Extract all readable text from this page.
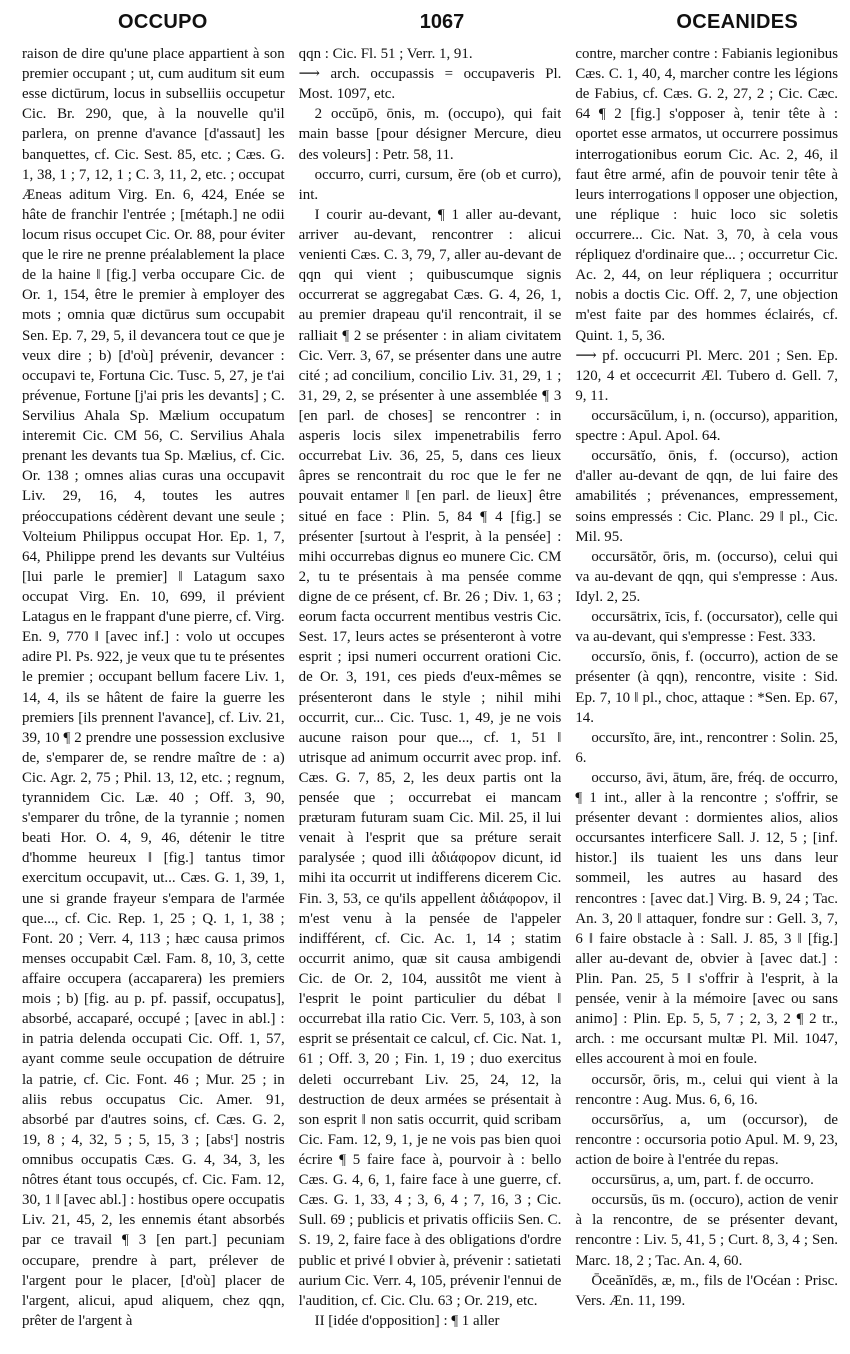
OCCUPO	1067	OCEANIDES

raison de dire qu'une place appartient à son premier occupant ; ut, cum auditum sit eum esse dictūrum, locus in subselliis occupetur Cic. Br. 290, que, à la nouvelle qu'il parlera, on prenne d'avance [d'assaut] les banquettes, cf. Cic. Sest. 85, etc. ; Cæs. G. 1, 38, 1 ; 7, 12, 1 ; C. 3, 11, 2, etc. ; occupat Æneas aditum Virg. En. 6, 424, Enée se hâte de franchir l'entrée ; [métaph.] ne odii locum risus occupet Cic. Or. 88, pour éviter que le rire ne prenne préalablement la place de la haine ‖ [fig.] verba occupare Cic. de Or. 1, 154, être le premier à employer des mots ; omnia quæ dictūrus sum occupabit Sen. Ep. 7, 29, 5, il devancera tout ce que je veux dire ; b) [d'où] prévenir, devancer : occupavi te, Fortuna Cic. Tusc. 5, 27, je t'ai prévenue, Fortune [j'ai pris les devants] ; C. Servilius Ahala Sp. Mælium occupatum interemit Cic. CM 56, C. Servilius Ahala prenant les devants tua Sp. Mælius, cf. Cic. Or. 138 ; omnes alias curas una occupavit Liv. 29, 16, 4, toutes les autres préoccupations cédèrent devant une seule ; Volteium Philippus occupat Hor. Ep. 1, 7, 64, Philippe prend les devants sur Vultéius [lui parle le premier] ‖ Latagum saxo occupat Virg. En. 10, 699, il prévient Latagus en le frappant d'une pierre, cf. Virg. En. 9, 770 ‖ [avec inf.] : volo ut occupes adire Pl. Ps. 922, je veux que tu te présentes le premier ; occupant bellum facere Liv. 1, 14, 4, ils se hâtent de faire la guerre les premiers [ils prennent l'avance], cf. Liv. 21, 39, 10 ¶ 2 prendre une possession exclusive de, s'emparer de, se rendre maître de : a) Cic. Agr. 2, 75 ; Phil. 13, 12, etc. ; regnum, tyrannidem Cic. Læ. 40 ; Off. 3, 90, s'emparer du trône, de la tyrannie ; nomen beati Hor. O. 4, 9, 46, détenir le titre d'homme heureux ‖ [fig.] tantus timor exercitum occupavit, ut... Cæs. G. 1, 39, 1, une si grande frayeur s'empara de l'armée que..., cf. Cic. Rep. 1, 25 ; Q. 1, 1, 38 ; Font. 20 ; Verr. 4, 113 ; hæc causa primos menses occupabit Cæl. Fam. 8, 10, 3, cette affaire occupera (accaparera) les premiers mois ; b) [fig. au p. pf. passif, occupatus], absorbé, accaparé, occupé ; [avec in abl.] : in patria delenda occupati Cic. Off. 1, 57, ayant comme seule occupation de détruire la patrie, cf. Cic. Font. 46 ; Mur. 25 ; in aliis rebus occupatus Cic. Amer. 91, absorbé par d'autres soins, cf. Cæs. G. 2, 19, 8 ; 4, 32, 5 ; 5, 15, 3 ; [absᵗ] nostris omnibus occupatis Cæs. G. 4, 34, 3, les nôtres étant tous occupés, cf. Cic. Fam. 12, 30, 1 ‖ [avec abl.] : hostibus opere occupatis Liv. 21, 45, 2, les ennemis étant absorbés par ce travail ¶ 3 [en part.] pecuniam occupare, prendre à part, prélever de l'argent pour le placer, [d'où] placer de l'argent, alicui, apud aliquem, chez qqn, prêter de l'argent à

qqn : Cic. Fl. 51 ; Verr. 1, 91.

⟶ arch. occupassis = occupaveris Pl. Most. 1097, etc.

2 occŭpō, ōnis, m. (occupo), qui fait main basse [pour désigner Mercure, dieu des voleurs] : Petr. 58, 11.

occurro, curri, cursum, ĕre (ob et curro), int.

I courir au-devant, ¶ 1 aller au-devant, arriver au-devant, rencontrer : alicui venienti Cæs. C. 3, 79, 7, aller au-devant de qqn qui vient ; quibuscumque signis occurrerat se aggregabat Cæs. G. 4, 26, 1, au premier drapeau qu'il rencontrait, il se ralliait ¶ 2 se présenter : in aliam civitatem Cic. Verr. 3, 67, se présenter dans une autre cité ; ad concilium, concilio Liv. 31, 29, 1 ; 31, 29, 2, se présenter à une assemblée ¶ 3 [en parl. de choses] se rencontrer : in asperis locis silex impenetrabilis ferro occurrebat Liv. 36, 25, 5, dans ces lieux âpres se rencontrait du roc que le fer ne pouvait entamer ‖ [en parl. de lieux] être situé en face : Plin. 5, 84 ¶ 4 [fig.] se présenter [surtout à l'esprit, à la pensée] : mihi occurrebas dignus eo munere Cic. CM 2, tu te présentais à ma pensée comme digne de ce présent, cf. Br. 26 ; Div. 1, 63 ; eorum facta occurrent mentibus vestris Cic. Sest. 17, leurs actes se présenteront à votre esprit ; ipsi numeri occurrent orationi Cic. de Or. 3, 191, ces pieds d'eux-mêmes se présenteront dans le style ; nihil mihi occurrit, cur... Cic. Tusc. 1, 49, je ne vois aucune raison pour que..., cf. 1, 51 ‖ utrisque ad animum occurrit avec prop. inf. Cæs. G. 7, 85, 2, les deux partis ont la pensée que ; occurrebat ei mancam præturam futuram suam Cic. Mil. 25, il lui venait à l'esprit que sa préture serait paralysée ; quod illi ἀδιάφορον dicunt, id mihi ita occurrit ut indifferens dicerem Cic. Fin. 3, 53, ce qu'ils appellent ἀδιάφορον, il m'est venu à la pensée de l'appeler indifférent, cf. Cic. Ac. 1, 14 ; statim occurrit animo, quæ sit causa ambigendi Cic. de Or. 2, 104, aussitôt me vient à l'esprit le point particulier du débat ‖ occurrebat illa ratio Cic. Verr. 5, 103, à son esprit se présentait ce calcul, cf. Cic. Nat. 1, 61 ; Off. 3, 20 ; Fin. 1, 19 ; duo exercitus deleti occurrebant Liv. 25, 24, 12, la destruction de deux armées se présentait à son esprit ‖ non satis occurrit, quid scribam Cic. Fam. 12, 9, 1, je ne vois pas bien quoi écrire ¶ 5 faire face à, pourvoir à : bello Cæs. G. 4, 6, 1, faire face à une guerre, cf. Cæs. G. 1, 33, 4 ; 3, 6, 4 ; 7, 16, 3 ; Cic. Sull. 69 ; publicis et privatis officiis Sen. C. S. 19, 2, faire face à des obligations d'ordre public et privé ‖ obvier à, prévenir : satietati aurium Cic. Verr. 4, 105, prévenir l'ennui de l'audition, cf. Cic. Clu. 63 ; Or. 219, etc.

II [idée d'opposition] : ¶ 1 aller

contre, marcher contre : Fabianis legionibus Cæs. C. 1, 40, 4, marcher contre les légions de Fabius, cf. Cæs. G. 2, 27, 2 ; Cic. Cæc. 64 ¶ 2 [fig.] s'opposer à, tenir tête à : oportet esse armatos, ut occurrere possimus interrogationibus eorum Cic. Ac. 2, 46, il faut être armé, afin de pouvoir tenir tête à leurs interrogations ‖ opposer une objection, une réplique : huic loco sic soletis occurrere... Cic. Nat. 3, 70, à cela vous répliquez d'ordinaire que... ; occurretur Cic. Ac. 2, 44, on leur répliquera ; occurritur nobis a doctis Cic. Off. 2, 7, une objection m'est faite par des hommes éclairés, cf. Quint. 1, 5, 36.

⟶ pf. occucurri Pl. Merc. 201 ; Sen. Ep. 120, 4 et occecurrit Æl. Tubero d. Gell. 7, 9, 11.

occursācŭlum, i, n. (occurso), apparition, spectre : Apul. Apol. 64.

occursātĭo, ōnis, f. (occurso), action d'aller au-devant de qqn, de lui faire des amabilités ; prévenances, empressement, soins empressés : Cic. Planc. 29 ‖ pl., Cic. Mil. 95.

occursātŏr, ōris, m. (occurso), celui qui va au-devant de qqn, qui s'empresse : Aus. Idyl. 2, 25.

occursātrix, īcis, f. (occursator), celle qui va au-devant, qui s'empresse : Fest. 333.

occursĭo, ōnis, f. (occurro), action de se présenter (à qqn), rencontre, visite : Sid. Ep. 7, 10 ‖ pl., choc, attaque : *Sen. Ep. 67, 14.

occursĭto, āre, int., rencontrer : Solin. 25, 6.

occurso, āvi, ātum, āre, fréq. de occurro, ¶ 1 int., aller à la rencontre ; s'offrir, se présenter devant : dormientes alios, alios occursantes interficere Sall. J. 12, 5 ; [inf. histor.] ils tuaient les uns dans leur sommeil, les autres au hasard des rencontres : [avec dat.] Virg. B. 9, 24 ; Tac. An. 3, 20 ‖ attaquer, fondre sur : Gell. 3, 7, 6 ‖ faire obstacle à : Sall. J. 85, 3 ‖ [fig.] aller au-devant de, obvier à [avec dat.] : Plin. Pan. 25, 5 ‖ s'offrir à l'esprit, à la pensée, venir à la mémoire [avec ou sans animo] : Plin. Ep. 5, 5, 7 ; 2, 3, 2 ¶ 2 tr., arch. : me occursant multæ Pl. Mil. 1047, elles accourent à moi en foule.

occursŏr, ōris, m., celui qui vient à la rencontre : Aug. Mus. 6, 6, 16.

occursōrĭus, a, um (occursor), de rencontre : occursoria potio Apul. M. 9, 23, action de boire à l'entrée du repas.

occursūrus, a, um, part. f. de occurro.

occursŭs, ūs m. (occuro), action de venir à la rencontre, de se présenter devant, rencontre : Liv. 5, 41, 5 ; Curt. 8, 3, 4 ; Sen. Marc. 18, 2 ; Tac. An. 4, 60.

Ōceănĭdēs, æ, m., fils de l'Océan : Prisc. Vers. Æn. 11, 199.
